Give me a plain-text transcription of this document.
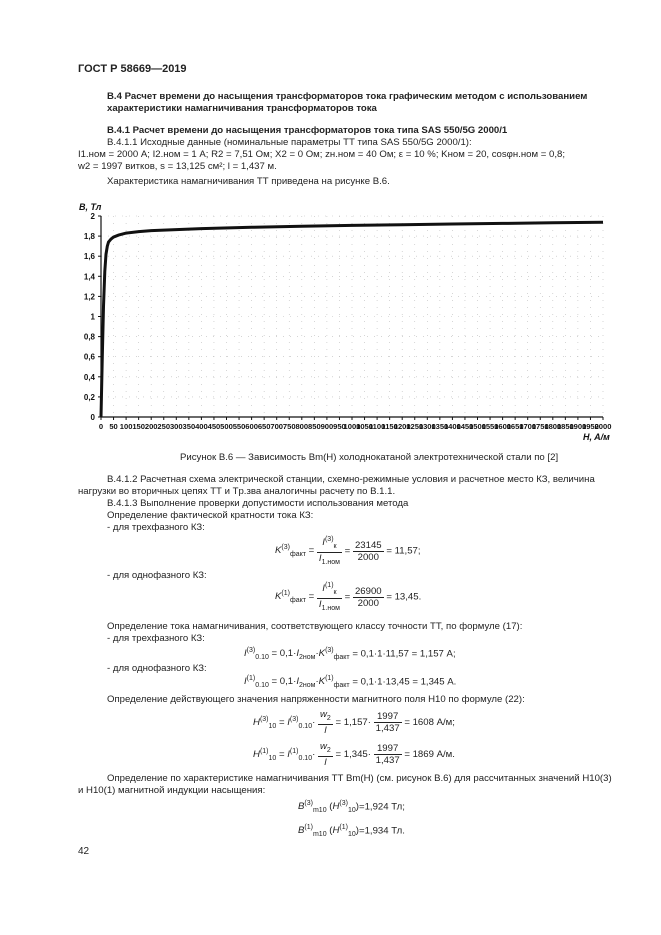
ГОСТ Р 58669—2019
В.4 Расчет времени до насыщения трансформаторов тока графическим методом с использованием
характеристики намагничивания трансформаторов тока
В.4.1 Расчет времени до насыщения трансформаторов тока типа SAS 550/5G 2000/1
В.4.1.1 Исходные данные (номинальные параметры ТТ типа SAS 550/5G 2000/1):
I1.ном = 2000 А; I2.ном = 1 А; R2 = 7,51 Ом; X2 = 0 Ом; zн.ном = 40 Ом; ε = 10 %; Kном = 20, cosφн.ном = 0,8;
w2 = 1997 витков, s = 13,125 см²; l = 1,437 м.
Характеристика намагничивания ТТ приведена на рисунке В.6.
0
0,2
0,4
0,6
0,8
1
1,2
1,4
1,6
1,8
2
0 50 100 150 200 250 300 350 400 450 500 550 600 650 700 750 800 850 900 950
1000
1050
1100
1150
1200
1250
1300
1350
1400
1450
1500
1550
1600
1650
1700
1750
1800
1850
1900
1950
2000
B, Тл
H, A/м
Рисунок В.6 — Зависимость Bm(H) холоднокатаной электротехнической стали по [2]
В.4.1.2 Расчетная схема электрической станции, схемно-режимные условия и расчетное место КЗ, величина
нагрузки во вторичных цепях ТТ и Tр.зва аналогичны расчету по В.1.1.
В.4.1.3 Выполнение проверки допустимости использования метода
Определение фактической кратности тока КЗ:
- для трехфазного КЗ:
$K^{(3)}_{факт} = \frac{I^{(3)}_к}{I_{1.ном}} = \frac{23145}{2000} = 11,57$;
- для однофазного КЗ:
$K^{(1)}_{факт} = \frac{I^{(1)}_к}{I_{1.ном}} = \frac{26900}{2000} = 13,45$.
Определение тока намагничивания, соответствующего классу точности ТТ, по формуле (17):
- для трехфазного КЗ:
$I^{(3)}_{0.10} = 0,1\cdot I_{2ном}\cdot K^{(3)}_{факт} = 0,1\cdot 1\cdot 11,57 = 1,157$ А;
- для однофазного КЗ:
$I^{(1)}_{0.10} = 0,1\cdot I_{2ном}\cdot K^{(1)}_{факт} = 0,1\cdot 1\cdot 13,45 = 1,345$ А.
Определение действующего значения напряженности магнитного поля H10 по формуле (22):
$H^{(3)}_{10} = I^{(3)}_{0.10}\cdot \frac{w_2}{l} = 1,157\cdot \frac{1997}{1,437} = 1608$ А/м;
$H^{(1)}_{10} = I^{(1)}_{0.10}\cdot \frac{w_2}{l} = 1,345\cdot \frac{1997}{1,437} = 1869$ А/м.
Определение по характеристике намагничивания ТТ Bm(H) (см. рисунок В.6) для рассчитанных значений H10(3)
и H10(1) магнитной индукции насыщения:
$B^{(3)}_{m10}$ $(H^{(3)}_{10})=1,924$ Тл;
$B^{(1)}_{m10}$ $(H^{(1)}_{10})=1,934$ Тл.
42
